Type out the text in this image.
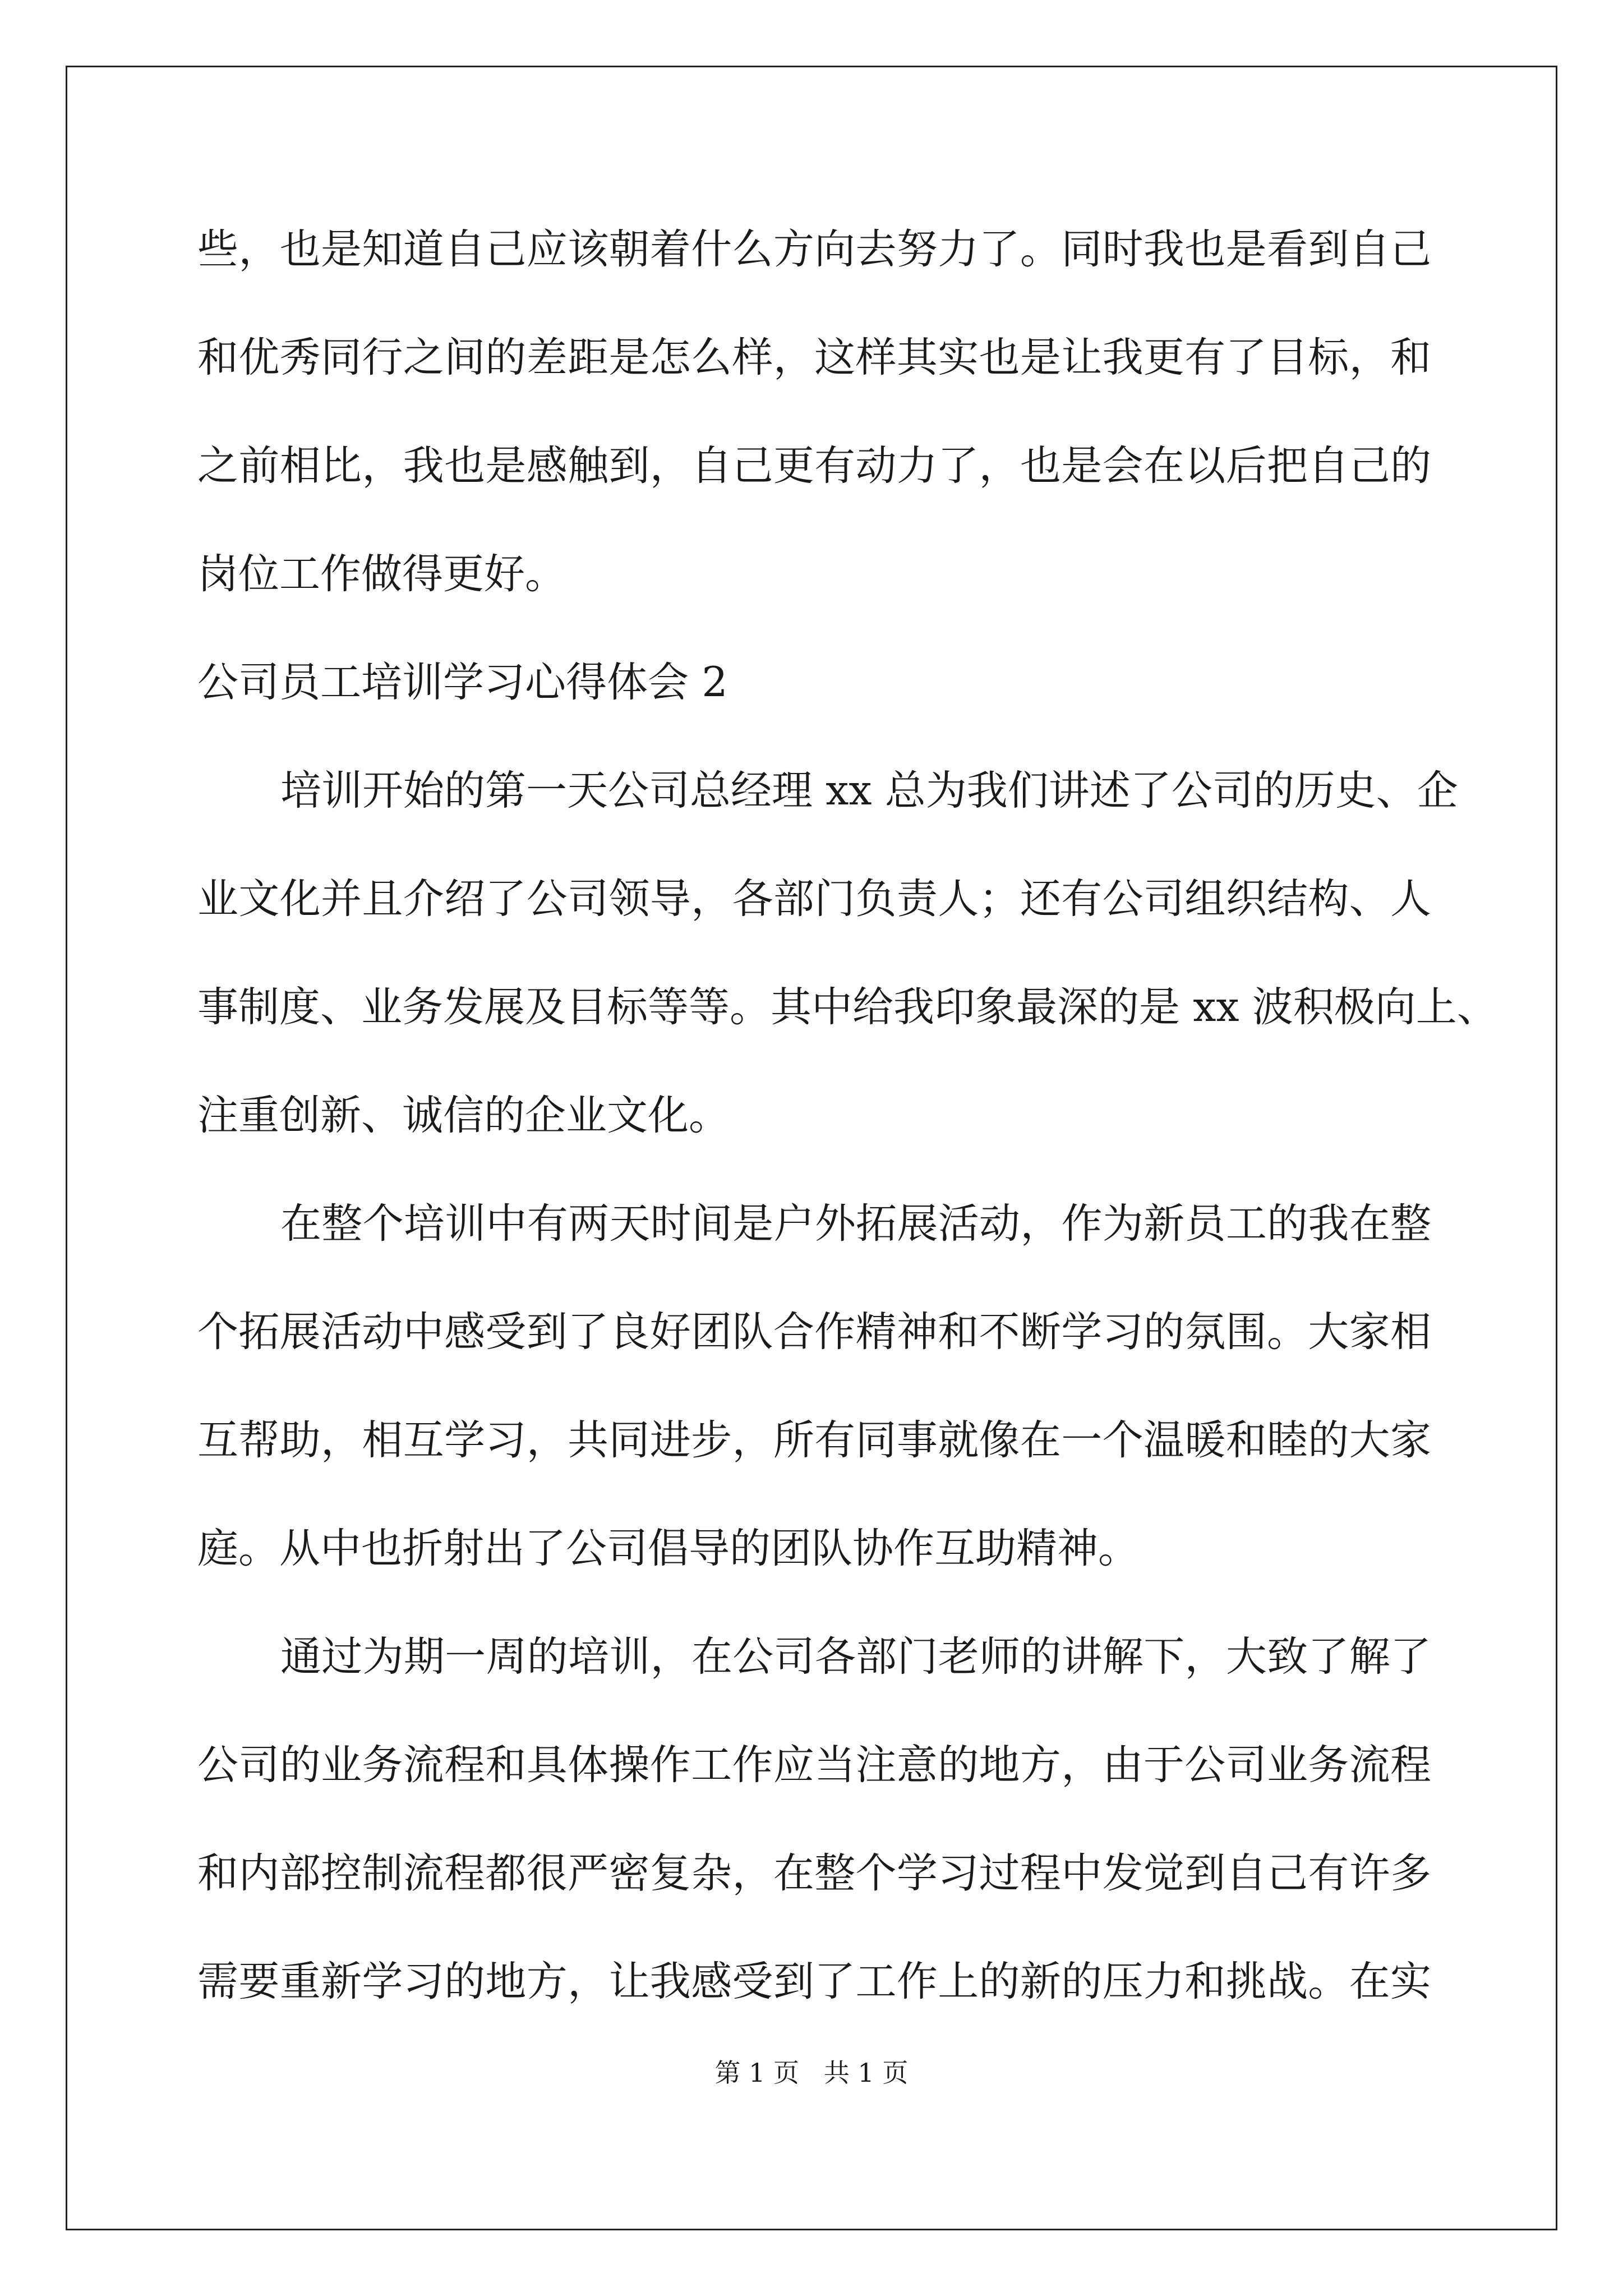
些，也是知道自己应该朝着什么方向去努力了。同时我也是看到自己
和优秀同行之间的差距是怎么样，这样其实也是让我更有了目标，和
之前相比，我也是感触到，自己更有动力了，也是会在以后把自己的
岗位工作做得更好。
公司员工培训学习心得体会 2
培训开始的第一天公司总经理 xx 总为我们讲述了公司的历史、企
业文化并且介绍了公司领导，各部门负责人；还有公司组织结构、人
事制度、业务发展及目标等等。其中给我印象最深的是 xx 波积极向上、
注重创新、诚信的企业文化。
在整个培训中有两天时间是户外拓展活动，作为新员工的我在整
个拓展活动中感受到了良好团队合作精神和不断学习的氛围。大家相
互帮助，相互学习，共同进步，所有同事就像在一个温暖和睦的大家
庭。从中也折射出了公司倡导的团队协作互助精神。
通过为期一周的培训，在公司各部门老师的讲解下，大致了解了
公司的业务流程和具体操作工作应当注意的地方，由于公司业务流程
和内部控制流程都很严密复杂，在整个学习过程中发觉到自己有许多
需要重新学习的地方，让我感受到了工作上的新的压力和挑战。在实
第 1 页   共 1 页
